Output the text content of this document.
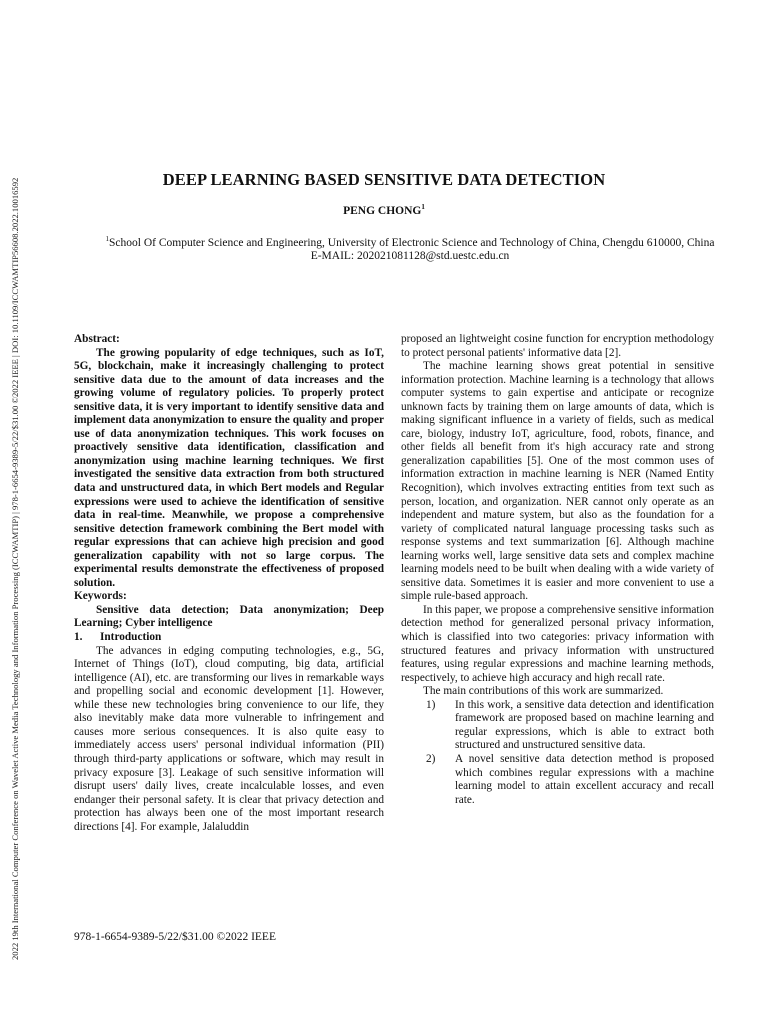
2022 19th International Computer Conference on Wavelet Active Media Technology and Information Processing (ICCWAMTIP) | 978-1-6654-9389-5/22/$31.00 ©2022 IEEE | DOI: 10.1109/ICCWAMTIP56608.2022.10016592	DEEP LEARNING BASED SENSITIVE DATA DETECTION
PENG CHONG$^1$
$^1$School Of Computer Science and Engineering, University of Electronic Science and Technology of China, Chengdu 610000, China
E-MAIL: 202021081128@std.uestc.edu.cn

Abstract:

The growing popularity of edge techniques, such as IoT, 5G, blockchain, make it increasingly challenging to protect sensitive data due to the amount of data increases and the growing volume of regulatory policies. To properly protect sensitive data, it is very important to identify sensitive data and implement data anonymization to ensure the quality and proper use of data anonymization techniques. This work focuses on proactively sensitive data identification, classification and anonymization using machine learning techniques. We first investigated the sensitive data extraction from both structured data and unstructured data, in which Bert models and Regular expressions were used to achieve the identification of sensitive data in real-time. Meanwhile, we propose a comprehensive sensitive detection framework combining the Bert model with regular expressions that can achieve high precision and good generalization capability with not so large corpus. The experimental results demonstrate the effectiveness of proposed solution.

Keywords:

Sensitive data detection; Data anonymization; Deep Learning; Cyber intelligence

1. Introduction

The advances in edging computing technologies, e.g., 5G, Internet of Things (IoT), cloud computing, big data, artificial intelligence (AI), etc. are transforming our lives in remarkable ways and propelling social and economic development [1]. However, while these new technologies bring convenience to our life, they also inevitably make data more vulnerable to infringement and causes more serious consequences. It is also quite easy to immediately access users' personal individual information (PII) through third-party applications or software, which may result in privacy exposure [3]. Leakage of such sensitive information will disrupt users' daily lives, create incalculable losses, and even endanger their personal safety. It is clear that privacy detection and protection has always been one of the most important research directions [4]. For example, Jalaluddin

proposed an lightweight cosine function for encryption methodology to protect personal patients' informative data [2].

The machine learning shows great potential in sensitive information protection. Machine learning is a technology that allows computer systems to gain expertise and anticipate or recognize unknown facts by training them on large amounts of data, which is making significant influence in a variety of fields, such as medical care, biology, industry IoT, agriculture, food, robots, finance, and other fields all benefit from it's high accuracy rate and strong generalization capabilities [5]. One of the most common uses of information extraction in machine learning is NER (Named Entity Recognition), which involves extracting entities from text such as person, location, and organization. NER cannot only operate as an independent and mature system, but also as the foundation for a variety of complicated natural language processing tasks such as response systems and text summarization [6]. Although machine learning works well, large sensitive data sets and complex machine learning models need to be built when dealing with a wide variety of sensitive data. Sometimes it is easier and more convenient to use a simple rule-based approach.

In this paper, we propose a comprehensive sensitive information detection method for generalized personal privacy information, which is classified into two categories: privacy information with structured features and privacy information with unstructured features, using regular expressions and machine learning methods, respectively, to achieve high accuracy and high recall rate.

The main contributions of this work are summarized.

1) In this work, a sensitive data detection and identification framework are proposed based on machine learning and regular expressions, which is able to extract both structured and unstructured sensitive data.
2) A novel sensitive data detection method is proposed which combines regular expressions with a machine learning model to attain excellent accuracy and recall rate.
978-1-6654-9389-5/22/$31.00 ©2022 IEEE
